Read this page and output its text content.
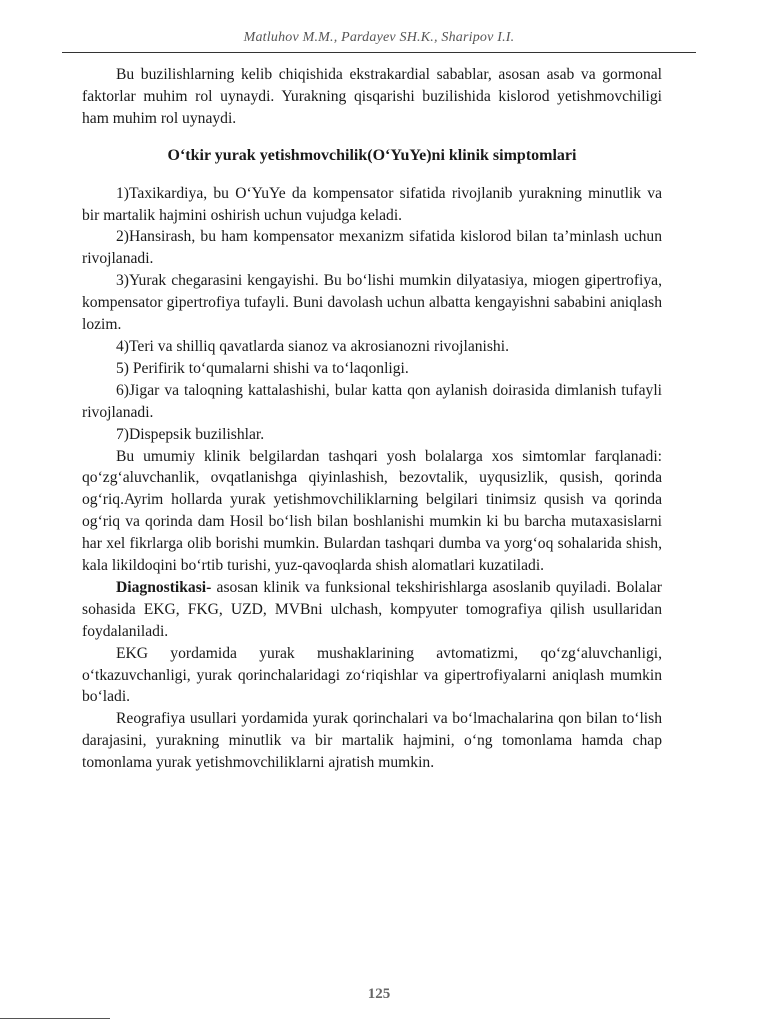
Matluhov M.M., Pardayev SH.K., Sharipov I.I.

Bu buzilishlarning kelib chiqishida ekstrakardial sabablar, asosan asab va gormonal faktorlar muhim rol uynaydi. Yurakning qisqarishi buzilishida kislorod yetishmovchiligi ham muhim rol uynaydi.

O‘tkir yurak yetishmovchilik(O‘YuYe)ni klinik simptomlari

1)Taxikardiya, bu O‘YuYe da kompensator sifatida rivojlanib yurakning minutlik va bir martalik hajmini oshirish uchun vujudga keladi.

2)Hansirash, bu ham kompensator mexanizm sifatida kislorod bilan ta’minlash uchun rivojlanadi.

3)Yurak chegarasini kengayishi. Bu bo‘lishi mumkin dilyatasiya, miogen gipertrofiya, kompensator gipertrofiya tufayli. Buni davolash uchun albatta kengayishni sababini aniqlash lozim.

4)Teri va shilliq qavatlarda sianoz va akrosianozni rivojlanishi.

5) Perifirik to‘qumalarni shishi va to‘laqonligi.

6)Jigar va taloqning kattalashishi, bular katta qon aylanish doirasida dimlanish tufayli rivojlanadi.

7)Dispepsik buzilishlar.

Bu umumiy klinik belgilardan tashqari yosh bolalarga xos simtomlar farqlanadi: qo‘zg‘aluvchanlik, ovqatlanishga qiyinlashish, bezovtalik, uyqusizlik, qusish, qorinda og‘riq.Ayrim hollarda yurak yetishmovchiliklarning belgilari tinimsiz qusish va qorinda og‘riq va qorinda dam Hosil bo‘lish bilan boshlanishi mumkin ki bu barcha mutaxasislarni har xel fikrlarga olib borishi mumkin. Bulardan tashqari dumba va yorg‘oq sohalarida shish, kala likildoqini bo‘rtib turishi, yuz-qavoqlarda shish alomatlari kuzatiladi.

Diagnostikasi- asosan klinik va funksional tekshirishlarga asoslanib quyiladi. Bolalar sohasida EKG, FKG, UZD, MVBni ulchash, kompyuter tomografiya qilish usullaridan foydalaniladi.

EKG yordamida yurak mushaklarining avtomatizmi, qo‘zg‘aluvchanligi, o‘tkazuvchanligi, yurak qorinchalaridagi zo‘riqishlar va gipertrofiyalarni aniqlash mumkin bo‘ladi.

Reografiya usullari yordamida yurak qorinchalari va bo‘lmachalarina qon bilan to‘lish darajasini, yurakning minutlik va bir martalik hajmini, o‘ng tomonlama hamda chap tomonlama yurak yetishmovchiliklarni ajratish mumkin.

125
